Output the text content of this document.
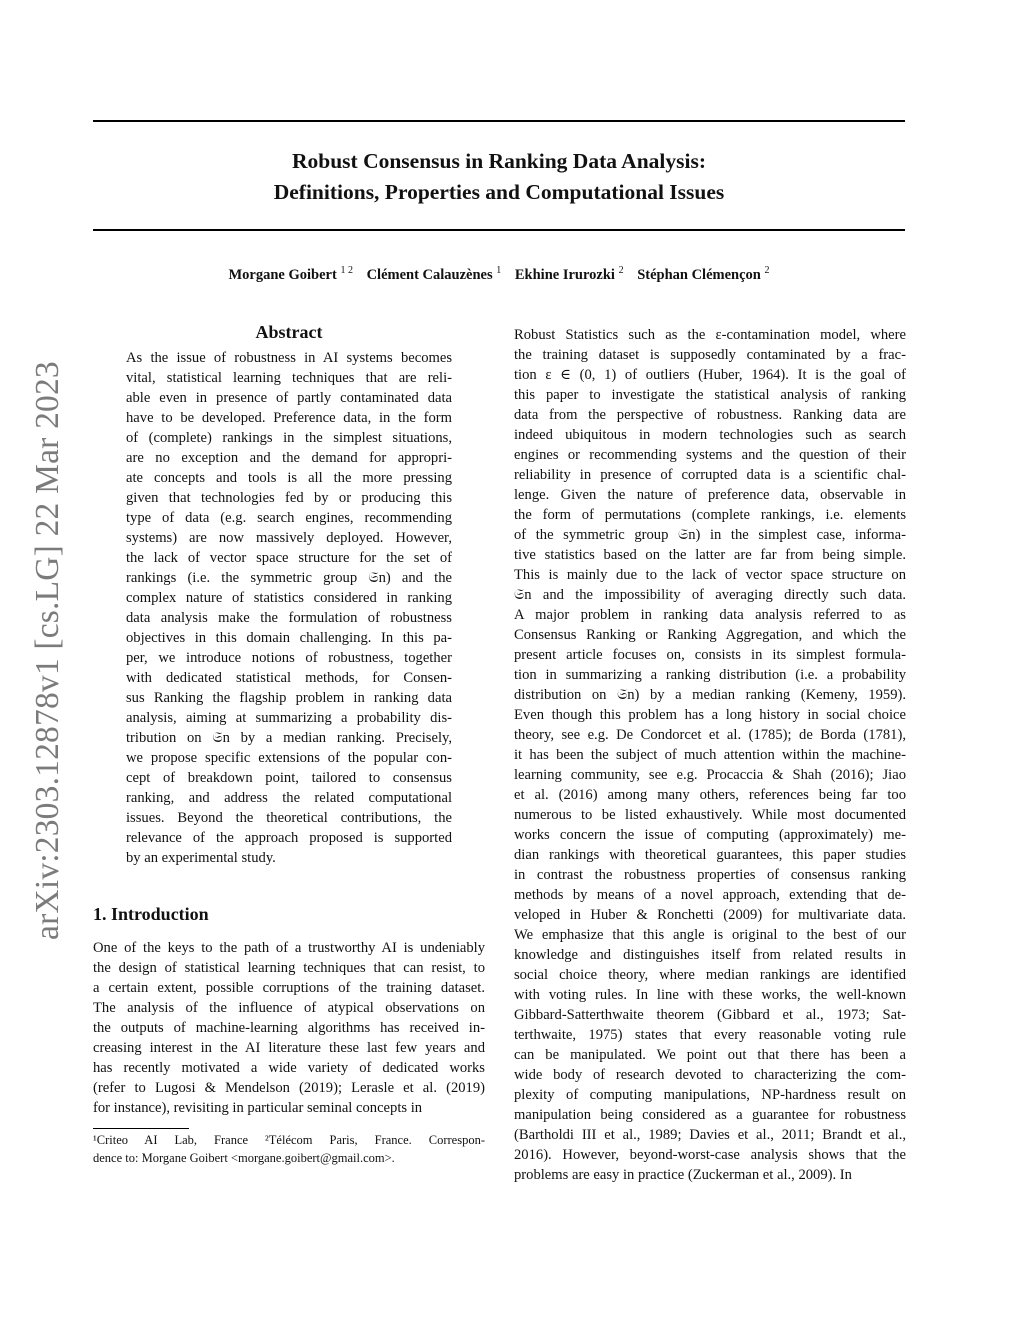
Robust Consensus in Ranking Data Analysis:
Definitions, Properties and Computational Issues
Morgane Goibert $^{1 2}$ Clément Calauzènes $^1$ Ekhine Irurozki $^2$ Stéphan Clémençon $^2$
arXiv:2303.12878v1 [cs.LG] 22 Mar 2023
Abstract
As the issue of robustness in AI systems becomes
vital, statistical learning techniques that are reli-
able even in presence of partly contaminated data
have to be developed. Preference data, in the form
of (complete) rankings in the simplest situations,
are no exception and the demand for appropri-
ate concepts and tools is all the more pressing
given that technologies fed by or producing this
type of data (e.g. search engines, recommending
systems) are now massively deployed. However,
the lack of vector space structure for the set of
rankings (i.e. the symmetric group 𝔖n) and the
complex nature of statistics considered in ranking
data analysis make the formulation of robustness
objectives in this domain challenging. In this pa-
per, we introduce notions of robustness, together
with dedicated statistical methods, for Consen-
sus Ranking the flagship problem in ranking data
analysis, aiming at summarizing a probability dis-
tribution on 𝔖n by a median ranking. Precisely,
we propose specific extensions of the popular con-
cept of breakdown point, tailored to consensus
ranking, and address the related computational
issues. Beyond the theoretical contributions, the
relevance of the approach proposed is supported
by an experimental study.
1. Introduction
One of the keys to the path of a trustworthy AI is undeniably
the design of statistical learning techniques that can resist, to
a certain extent, possible corruptions of the training dataset.
The analysis of the influence of atypical observations on
the outputs of machine-learning algorithms has received in-
creasing interest in the AI literature these last few years and
has recently motivated a wide variety of dedicated works
(refer to Lugosi & Mendelson (2019); Lerasle et al. (2019)
for instance), revisiting in particular seminal concepts in
Robust Statistics such as the ε-contamination model, where
the training dataset is supposedly contaminated by a frac-
tion ε ∈ (0, 1) of outliers (Huber, 1964). It is the goal of
this paper to investigate the statistical analysis of ranking
data from the perspective of robustness. Ranking data are
indeed ubiquitous in modern technologies such as search
engines or recommending systems and the question of their
reliability in presence of corrupted data is a scientific chal-
lenge. Given the nature of preference data, observable in
the form of permutations (complete rankings, i.e. elements
of the symmetric group 𝔖n) in the simplest case, informa-
tive statistics based on the latter are far from being simple.
This is mainly due to the lack of vector space structure on
𝔖n and the impossibility of averaging directly such data.
A major problem in ranking data analysis referred to as
Consensus Ranking or Ranking Aggregation, and which the
present article focuses on, consists in its simplest formula-
tion in summarizing a ranking distribution (i.e. a probability
distribution on 𝔖n) by a median ranking (Kemeny, 1959).
Even though this problem has a long history in social choice
theory, see e.g. De Condorcet et al. (1785); de Borda (1781),
it has been the subject of much attention within the machine-
learning community, see e.g. Procaccia & Shah (2016); Jiao
et al. (2016) among many others, references being far too
numerous to be listed exhaustively. While most documented
works concern the issue of computing (approximately) me-
dian rankings with theoretical guarantees, this paper studies
in contrast the robustness properties of consensus ranking
methods by means of a novel approach, extending that de-
veloped in Huber & Ronchetti (2009) for multivariate data.
We emphasize that this angle is original to the best of our
knowledge and distinguishes itself from related results in
social choice theory, where median rankings are identified
with voting rules. In line with these works, the well-known
Gibbard-Satterthwaite theorem (Gibbard et al., 1973; Sat-
terthwaite, 1975) states that every reasonable voting rule
can be manipulated. We point out that there has been a
wide body of research devoted to characterizing the com-
plexity of computing manipulations, NP-hardness result on
manipulation being considered as a guarantee for robustness
(Bartholdi III et al., 1989; Davies et al., 2011; Brandt et al.,
2016). However, beyond-worst-case analysis shows that the
problems are easy in practice (Zuckerman et al., 2009). In
¹Criteo AI Lab, France ²Télécom Paris, France. Correspon-
dence to: Morgane Goibert <morgane.goibert@gmail.com>.
